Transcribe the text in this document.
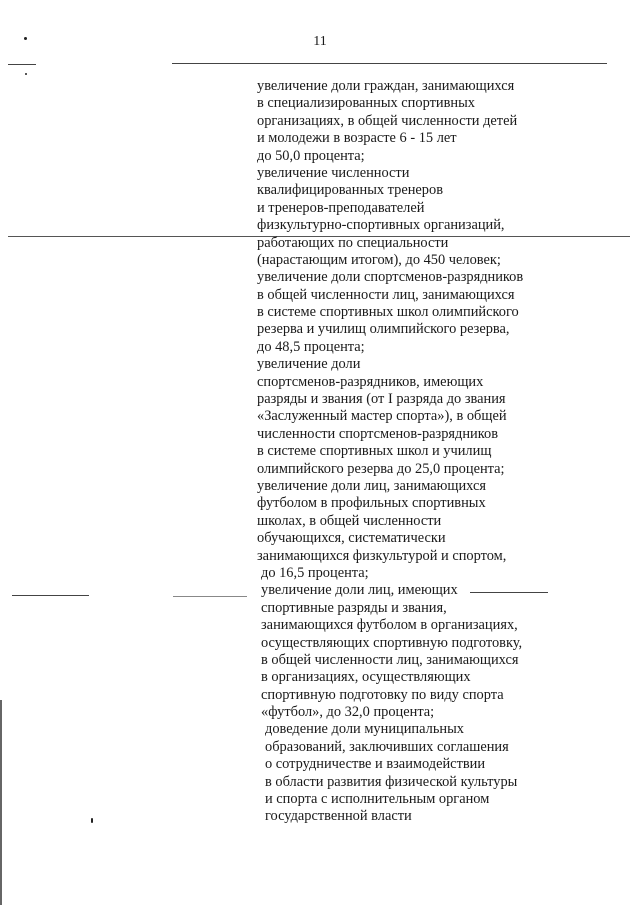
11
увеличение доли граждан, занимающихся
в специализированных спортивных
организациях, в общей численности детей
и молодежи в возрасте 6 - 15 лет
до 50,0 процента;
увеличение численности
квалифицированных тренеров
и тренеров-преподавателей
физкультурно-спортивных организаций,
работающих по специальности
(нарастающим итогом), до 450 человек;
увеличение доли спортсменов-разрядников
в общей численности лиц, занимающихся
в системе спортивных школ олимпийского
резерва и училищ олимпийского резерва,
до 48,5 процента;
увеличение доли
спортсменов-разрядников, имеющих
разряды и звания (от I разряда до звания
«Заслуженный мастер спорта»), в общей
численности спортсменов-разрядников
в системе спортивных школ и училищ
олимпийского резерва до 25,0 процента;
увеличение доли лиц, занимающихся
футболом в профильных спортивных
школах, в общей численности
обучающихся, систематически
занимающихся физкультурой и спортом,
до 16,5 процента;
увеличение доли лиц, имеющих
спортивные разряды и звания,
занимающихся футболом в организациях,
осуществляющих спортивную подготовку,
в общей численности лиц, занимающихся
в организациях, осуществляющих
спортивную подготовку по виду спорта
«футбол», до 32,0 процента;
доведение доли муниципальных
образований, заключивших соглашения
о сотрудничестве и взаимодействии
в области развития физической культуры
и спорта с исполнительным органом
государственной власти
